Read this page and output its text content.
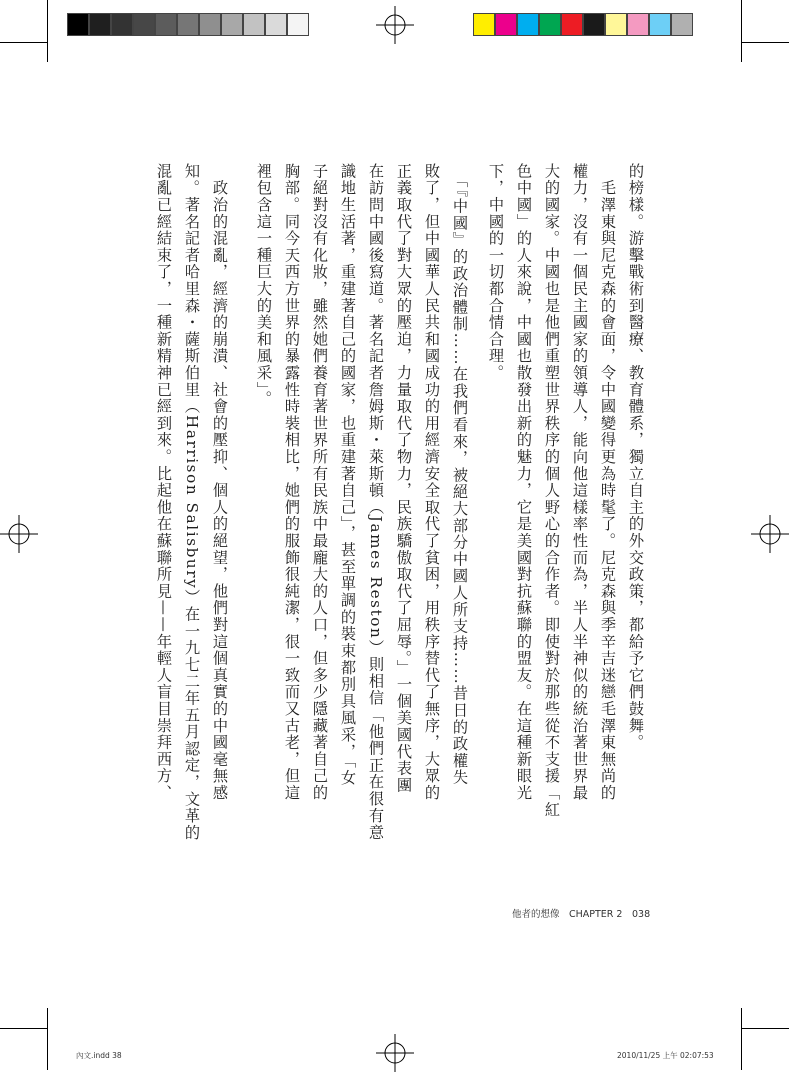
的榜樣。游擊戰術到醫療、教育體系，獨立自主的外交政策，都給予它們鼓舞。
　毛澤東與尼克森的會面，令中國變得更為時髦了。尼克森與季辛吉迷戀毛澤東無尚的
權力，沒有一個民主國家的領導人，能向他這樣率性而為，半人半神似的統治著世界最
大的國家。中國也是他們重塑世界秩序的個人野心的合作者。即使對於那些從不支援「紅
色中國」的人來說，中國也散發出新的魅力，它是美國對抗蘇聯的盟友。在這種新眼光
下，中國的一切都合情合理。
　「『中國』的政治體制……在我們看來，被絕大部分中國人所支持……昔日的政權失
敗了，但中國華人民共和國成功的用經濟安全取代了貧困，用秩序替代了無序，大眾的
正義取代了對大眾的壓迫，力量取代了物力，民族驕傲取代了屈辱。」一個美國代表團
在訪問中國後寫道。著名記者詹姆斯・萊斯頓（James Reston）則相信「他們正在很有意
識地生活著，重建著自己的國家，也重建著自己」，甚至單調的裝束都別具風采，「女
子絕對沒有化妝，雖然她們養育著世界所有民族中最龐大的人口，但多少隱藏著自己的
胸部。同今天西方世界的暴露性時裝相比，她們的服飾很純潔，很一致而又古老，但這
裡包含這一種巨大的美和風采」。
　政治的混亂，經濟的崩潰、社會的壓抑、個人的絕望，他們對這個真實的中國毫無感
知。著名記者哈里森・薩斯伯里（Harrison Salisbury）在一九七二年五月認定，文革的
混亂已經結束了，一種新精神已經到來。比起他在蘇聯所見——年輕人盲目崇拜西方、
他者的想像　CHAPTER 2　038
內文.indd 38	2010/11/25 上午 02:07:53
